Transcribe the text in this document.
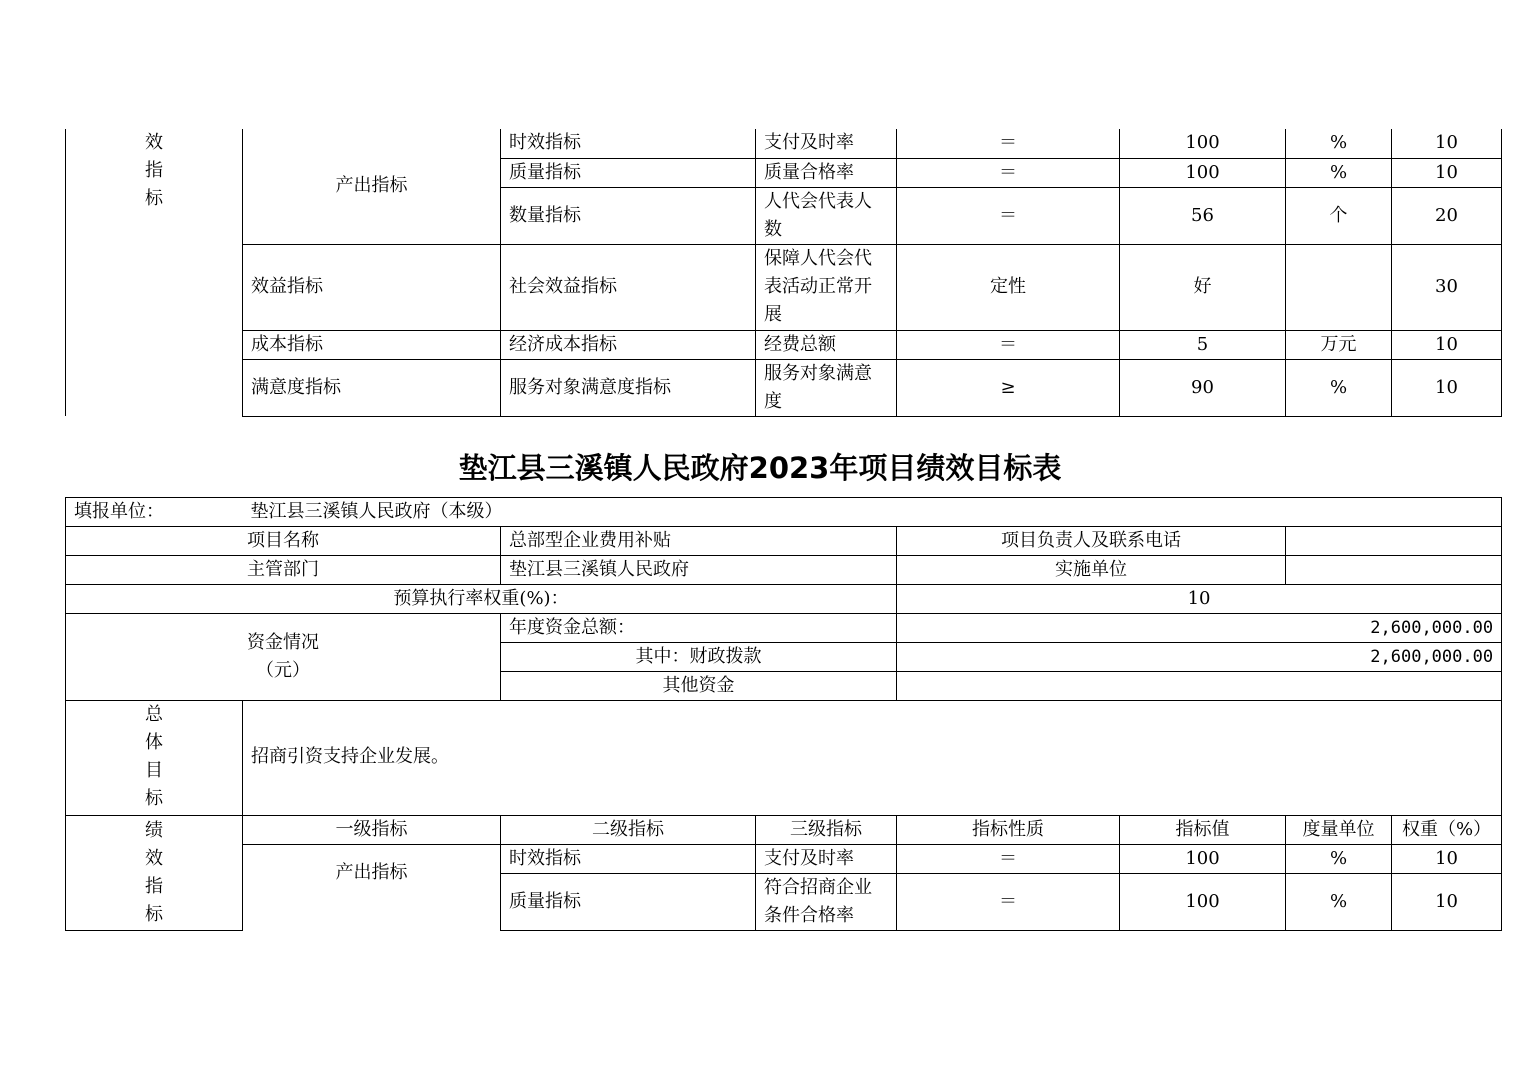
效
指
标	产出指标	时效指标	支付及时率	＝	100	%	10
		质量指标	质量合格率	＝	100	%	10
		数量指标	人代会代表人数	＝	56	个	20
	效益指标	社会效益指标	保障人代会代表活动正常开展	定性	好		30
	成本指标	经济成本指标	经费总额	＝	5	万元	10
	满意度指标	服务对象满意度指标	服务对象满意度	≥	90	%	10
垫江县三溪镇人民政府2023年项目绩效目标表
填报单位：	垫江县三溪镇人民政府（本级）			
项目名称		总部型企业费用补贴	项目负责人及联系电话	
主管部门		垫江县三溪镇人民政府	实施单位	
预算执行率权重(%)：			10	

资金情况
（元）		年度资金总额：	2,600,000.00	
		其中：财政拨款	2,600,000.00	
		其他资金		
总
体
目
标	招商引资支持企业发展。						

绩
效
指
标	一级指标	二级指标	三级指标	指标性质	指标值	度量单位	权重（%）
	产出指标	时效指标	支付及时率	＝	100	%	10
		质量指标	符合招商企业条件合格率	＝	100	%	10
